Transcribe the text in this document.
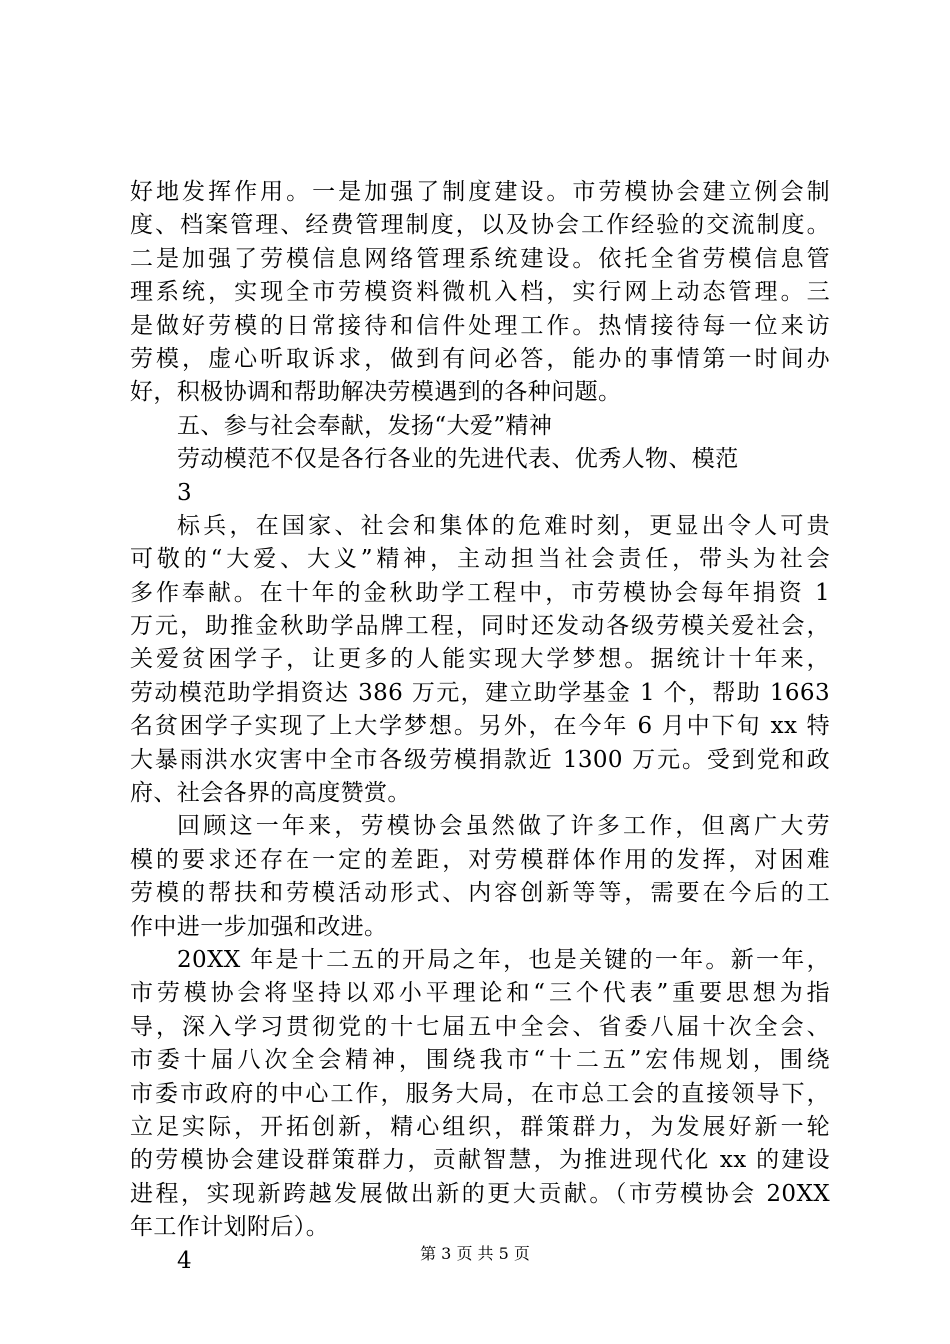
好地发挥作用。一是加强了制度建设。市劳模协会建立例会制
度、档案管理、经费管理制度，以及协会工作经验的交流制度。
二是加强了劳模信息网络管理系统建设。依托全省劳模信息管
理系统，实现全市劳模资料微机入档，实行网上动态管理。三
是做好劳模的日常接待和信件处理工作。热情接待每一位来访
劳模，虚心听取诉求，做到有问必答，能办的事情第一时间办
好，积极协调和帮助解决劳模遇到的各种问题。
五、参与社会奉献，发扬“大爱”精神
劳动模范不仅是各行各业的先进代表、优秀人物、模范
3
标兵，在国家、社会和集体的危难时刻，更显出令人可贵
可敬的“大爱、大义”精神，主动担当社会责任，带头为社会
多作奉献。在十年的金秋助学工程中，市劳模协会每年捐资 1
万元，助推金秋助学品牌工程，同时还发动各级劳模关爱社会，
关爱贫困学子，让更多的人能实现大学梦想。据统计十年来，
劳动模范助学捐资达 386 万元，建立助学基金 1 个，帮助 1663
名贫困学子实现了上大学梦想。另外，在今年 6 月中下旬 xx 特
大暴雨洪水灾害中全市各级劳模捐款近 1300 万元。受到党和政
府、社会各界的高度赞赏。
回顾这一年来，劳模协会虽然做了许多工作，但离广大劳
模的要求还存在一定的差距，对劳模群体作用的发挥，对困难
劳模的帮扶和劳模活动形式、内容创新等等，需要在今后的工
作中进一步加强和改进。
20XX 年是十二五的开局之年，也是关键的一年。新一年，
市劳模协会将坚持以邓小平理论和“三个代表”重要思想为指
导，深入学习贯彻党的十七届五中全会、省委八届十次全会、
市委十届八次全会精神，围绕我市“十二五”宏伟规划，围绕
市委市政府的中心工作，服务大局，在市总工会的直接领导下，
立足实际，开拓创新，精心组织，群策群力，为发展好新一轮
的劳模协会建设群策群力，贡献智慧，为推进现代化 xx 的建设
进程，实现新跨越发展做出新的更大贡献。（市劳模协会 20XX
年工作计划附后）。
4	第 3 页 共 5 页
